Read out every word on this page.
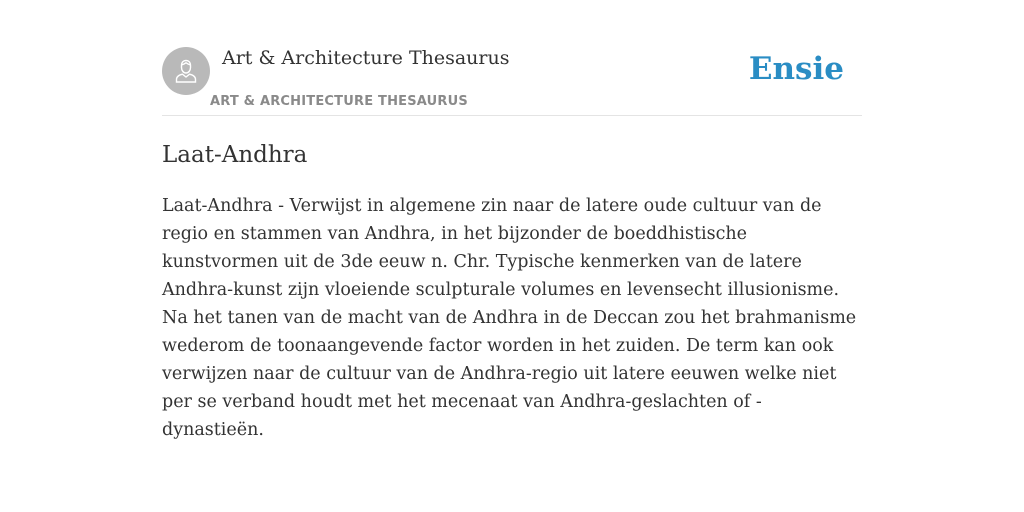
Art & Architecture Thesaurus
ART & ARCHITECTURE THESAURUS
Ensie
Laat-Andhra

Laat-Andhra - Verwijst in algemene zin naar de latere oude cultuur van de regio en stammen van Andhra, in het bijzonder de boeddhistische kunstvormen uit de 3de eeuw n. Chr. Typische kenmerken van de latere Andhra-kunst zijn vloeiende sculpturale volumes en levensecht illusionisme. Na het tanen van de macht van de Andhra in de Deccan zou het brahmanisme wederom de toonaangevende factor worden in het zuiden. De term kan ook verwijzen naar de cultuur van de Andhra-regio uit latere eeuwen welke niet per se verband houdt met het mecenaat van Andhra-geslachten of -dynastieën.
